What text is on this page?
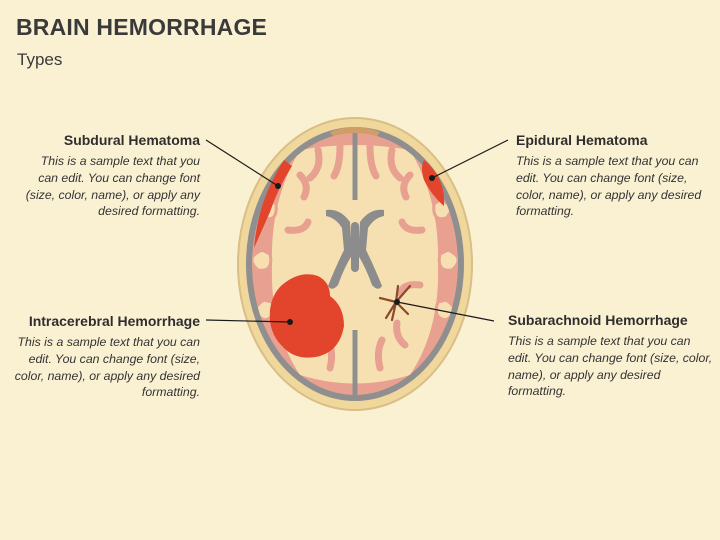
BRAIN HEMORRHAGE
Types
Subdural Hematoma
This is a sample text that you can edit. You can change font (size, color, name), or apply any desired formatting.
Epidural Hematoma
This is a sample text that you can edit. You can change font (size, color, name), or apply any desired formatting.
Intracerebral Hemorrhage
This is a sample text that you can edit. You can change font (size, color, name), or apply any desired formatting.
Subarachnoid Hemorrhage
This is a sample text that you can edit. You can change font (size, color, name), or apply any desired formatting.
